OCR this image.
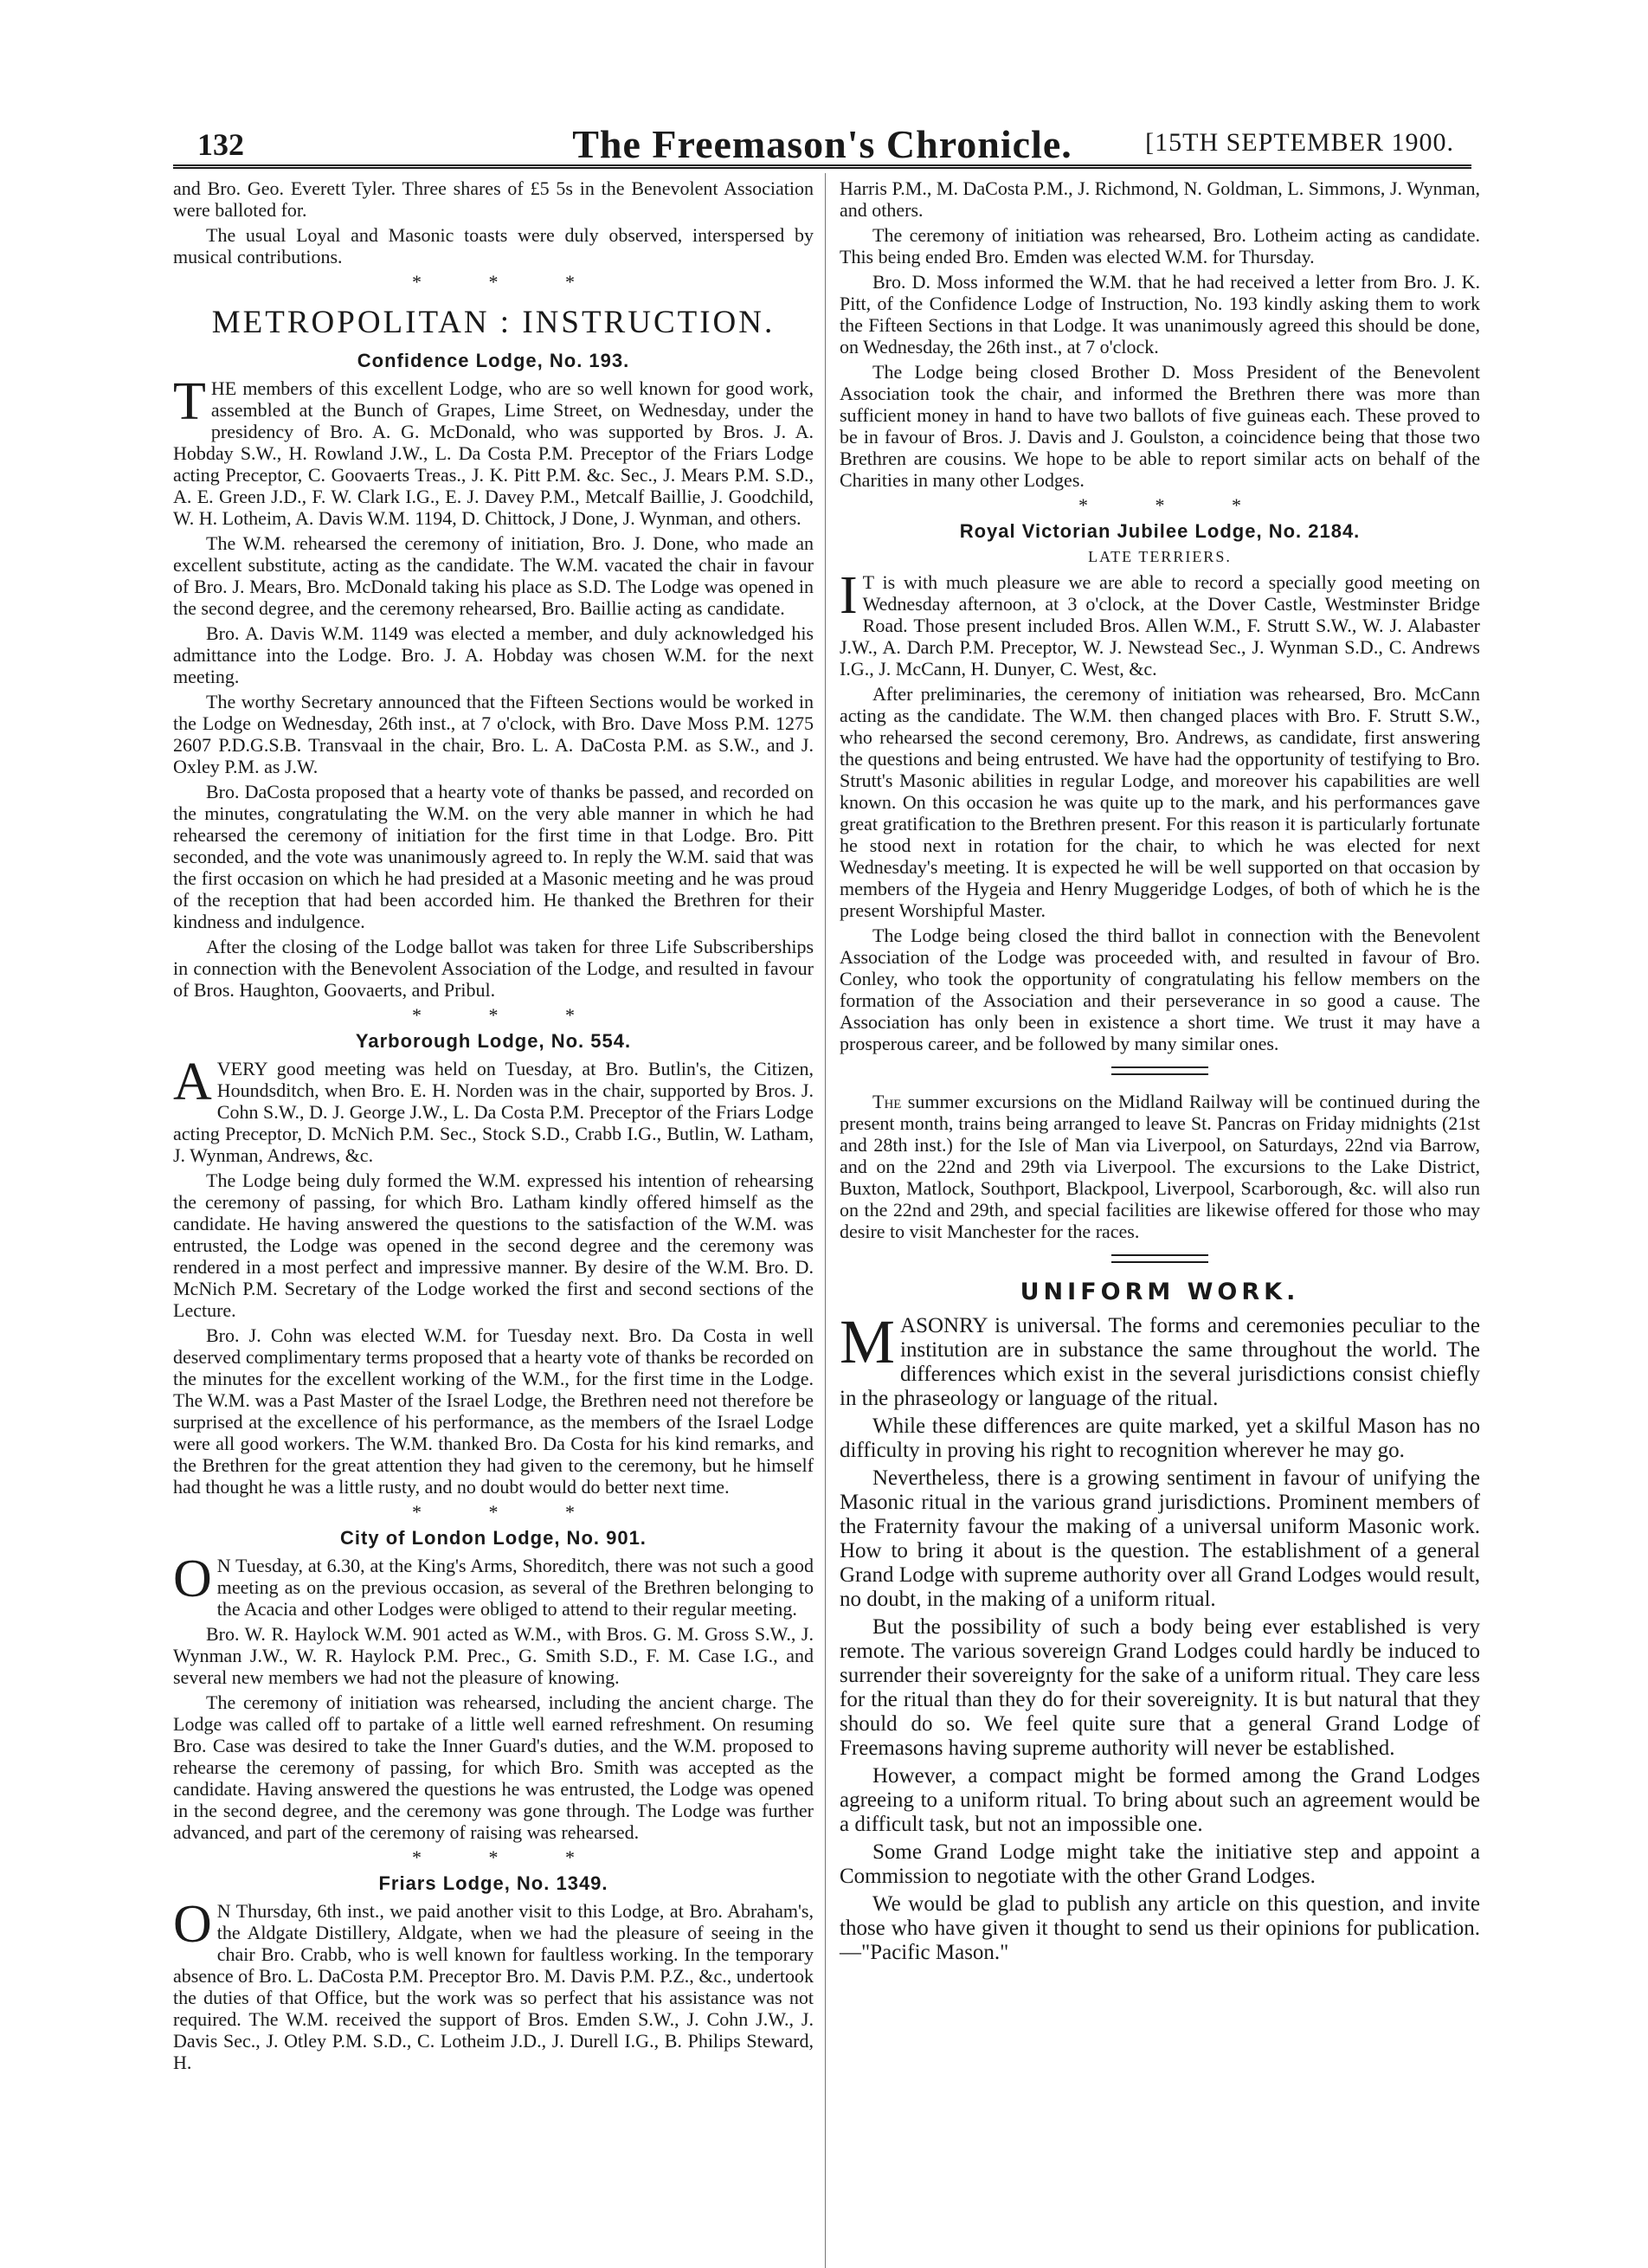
132	The Freemason's Chronicle.	[15TH SEPTEMBER 1900.

and Bro. Geo. Everett Tyler. Three shares of £5 5s in the Benevolent Association were balloted for.

The usual Loyal and Masonic toasts were duly observed, interspersed by musical contributions.

* * *
METROPOLITAN : INSTRUCTION.
Confidence Lodge, No. 193.

THE members of this excellent Lodge, who are so well known for good work, assembled at the Bunch of Grapes, Lime Street, on Wednesday, under the presidency of Bro. A. G. McDonald, who was supported by Bros. J. A. Hobday S.W., H. Rowland J.W., L. Da Costa P.M. Preceptor of the Friars Lodge acting Preceptor, C. Goovaerts Treas., J. K. Pitt P.M. &c. Sec., J. Mears P.M. S.D., A. E. Green J.D., F. W. Clark I.G., E. J. Davey P.M., Metcalf Baillie, J. Goodchild, W. H. Lotheim, A. Davis W.M. 1194, D. Chittock, J Done, J. Wynman, and others.

The W.M. rehearsed the ceremony of initiation, Bro. J. Done, who made an excellent substitute, acting as the candidate. The W.M. vacated the chair in favour of Bro. J. Mears, Bro. McDonald taking his place as S.D. The Lodge was opened in the second degree, and the ceremony rehearsed, Bro. Baillie acting as candidate.

Bro. A. Davis W.M. 1149 was elected a member, and duly acknowledged his admittance into the Lodge. Bro. J. A. Hobday was chosen W.M. for the next meeting.

The worthy Secretary announced that the Fifteen Sections would be worked in the Lodge on Wednesday, 26th inst., at 7 o'clock, with Bro. Dave Moss P.M. 1275 2607 P.D.G.S.B. Transvaal in the chair, Bro. L. A. DaCosta P.M. as S.W., and J. Oxley P.M. as J.W.

Bro. DaCosta proposed that a hearty vote of thanks be passed, and recorded on the minutes, congratulating the W.M. on the very able manner in which he had rehearsed the ceremony of initiation for the first time in that Lodge. Bro. Pitt seconded, and the vote was unanimously agreed to. In reply the W.M. said that was the first occasion on which he had presided at a Masonic meeting and he was proud of the reception that had been accorded him. He thanked the Brethren for their kindness and indulgence.

After the closing of the Lodge ballot was taken for three Life Subscriberships in connection with the Benevolent Association of the Lodge, and resulted in favour of Bros. Haughton, Goovaerts, and Pribul.

* * *
Yarborough Lodge, No. 554.

AVERY good meeting was held on Tuesday, at Bro. Butlin's, the Citizen, Houndsditch, when Bro. E. H. Norden was in the chair, supported by Bros. J. Cohn S.W., D. J. George J.W., L. Da Costa P.M. Preceptor of the Friars Lodge acting Preceptor, D. McNich P.M. Sec., Stock S.D., Crabb I.G., Butlin, W. Latham, J. Wynman, Andrews, &c.

The Lodge being duly formed the W.M. expressed his intention of rehearsing the ceremony of passing, for which Bro. Latham kindly offered himself as the candidate. He having answered the questions to the satisfaction of the W.M. was entrusted, the Lodge was opened in the second degree and the ceremony was rendered in a most perfect and impressive manner. By desire of the W.M. Bro. D. McNich P.M. Secretary of the Lodge worked the first and second sections of the Lecture.

Bro. J. Cohn was elected W.M. for Tuesday next. Bro. Da Costa in well deserved complimentary terms proposed that a hearty vote of thanks be recorded on the minutes for the excellent working of the W.M., for the first time in the Lodge. The W.M. was a Past Master of the Israel Lodge, the Brethren need not therefore be surprised at the excellence of his performance, as the members of the Israel Lodge were all good workers. The W.M. thanked Bro. Da Costa for his kind remarks, and the Brethren for the great attention they had given to the ceremony, but he himself had thought he was a little rusty, and no doubt would do better next time.

* * *
City of London Lodge, No. 901.

O N Tuesday, at 6.30, at the King's Arms, Shoreditch, there was not such a good meeting as on the previous occasion, as several of the Brethren belonging to the Acacia and other Lodges were obliged to attend to their regular meeting.

Bro. W. R. Haylock W.M. 901 acted as W.M., with Bros. G. M. Gross S.W., J. Wynman J.W., W. R. Haylock P.M. Prec., G. Smith S.D., F. M. Case I.G., and several new members we had not the pleasure of knowing.

The ceremony of initiation was rehearsed, including the ancient charge. The Lodge was called off to partake of a little well earned refreshment. On resuming Bro. Case was desired to take the Inner Guard's duties, and the W.M. proposed to rehearse the ceremony of passing, for which Bro. Smith was accepted as the candidate. Having answered the questions he was entrusted, the Lodge was opened in the second degree, and the ceremony was gone through. The Lodge was further advanced, and part of the ceremony of raising was rehearsed.

* * *
Friars Lodge, No. 1349.

O N Thursday, 6th inst., we paid another visit to this Lodge, at Bro. Abraham's, the Aldgate Distillery, Aldgate, when we had the pleasure of seeing in the chair Bro. Crabb, who is well known for faultless working. In the temporary absence of Bro. L. DaCosta P.M. Preceptor Bro. M. Davis P.M. P.Z., &c., undertook the duties of that Office, but the work was so perfect that his assistance was not required. The W.M. received the support of Bros. Emden S.W., J. Cohn J.W., J. Davis Sec., J. Otley P.M. S.D., C. Lotheim J.D., J. Durell I.G., B. Philips Steward, H.

Harris P.M., M. DaCosta P.M., J. Richmond, N. Goldman, L. Simmons, J. Wynman, and others.

The ceremony of initiation was rehearsed, Bro. Lotheim acting as candidate. This being ended Bro. Emden was elected W.M. for Thursday.

Bro. D. Moss informed the W.M. that he had received a letter from Bro. J. K. Pitt, of the Confidence Lodge of Instruction, No. 193 kindly asking them to work the Fifteen Sections in that Lodge. It was unanimously agreed this should be done, on Wednesday, the 26th inst., at 7 o'clock.

The Lodge being closed Brother D. Moss President of the Benevolent Association took the chair, and informed the Brethren there was more than sufficient money in hand to have two ballots of five guineas each. These proved to be in favour of Bros. J. Davis and J. Goulston, a coincidence being that those two Brethren are cousins. We hope to be able to report similar acts on behalf of the Charities in many other Lodges.

* * *
Royal Victorian Jubilee Lodge, No. 2184.
LATE TERRIERS.

I T is with much pleasure we are able to record a specially good meeting on Wednesday afternoon, at 3 o'clock, at the Dover Castle, Westminster Bridge Road. Those present included Bros. Allen W.M., F. Strutt S.W., W. J. Alabaster J.W., A. Darch P.M. Preceptor, W. J. Newstead Sec., J. Wynman S.D., C. Andrews I.G., J. McCann, H. Dunyer, C. West, &c.

After preliminaries, the ceremony of initiation was rehearsed, Bro. McCann acting as the candidate. The W.M. then changed places with Bro. F. Strutt S.W., who rehearsed the second ceremony, Bro. Andrews, as candidate, first answering the questions and being entrusted. We have had the opportunity of testifying to Bro. Strutt's Masonic abilities in regular Lodge, and moreover his capabilities are well known. On this occasion he was quite up to the mark, and his performances gave great gratification to the Brethren present. For this reason it is particularly fortunate he stood next in rotation for the chair, to which he was elected for next Wednesday's meeting. It is expected he will be well supported on that occasion by members of the Hygeia and Henry Muggeridge Lodges, of both of which he is the present Worshipful Master.

The Lodge being closed the third ballot in connection with the Benevolent Association of the Lodge was proceeded with, and resulted in favour of Bro. Conley, who took the opportunity of congratulating his fellow members on the formation of the Association and their perseverance in so good a cause. The Association has only been in existence a short time. We trust it may have a prosperous career, and be followed by many similar ones.

The summer excursions on the Midland Railway will be continued during the present month, trains being arranged to leave St. Pancras on Friday midnights (21st and 28th inst.) for the Isle of Man via Liverpool, on Saturdays, 22nd via Barrow, and on the 22nd and 29th via Liverpool. The excursions to the Lake District, Buxton, Matlock, Southport, Blackpool, Liverpool, Scarborough, &c. will also run on the 22nd and 29th, and special facilities are likewise offered for those who may desire to visit Manchester for the races.

UNIFORM WORK.

MASONRY is universal. The forms and ceremonies peculiar to the institution are in substance the same throughout the world. The differences which exist in the several jurisdictions consist chiefly in the phraseology or language of the ritual.

While these differences are quite marked, yet a skilful Mason has no difficulty in proving his right to recognition wherever he may go.

Nevertheless, there is a growing sentiment in favour of unifying the Masonic ritual in the various grand jurisdictions. Prominent members of the Fraternity favour the making of a universal uniform Masonic work. How to bring it about is the question. The establishment of a general Grand Lodge with supreme authority over all Grand Lodges would result, no doubt, in the making of a uniform ritual.

But the possibility of such a body being ever established is very remote. The various sovereign Grand Lodges could hardly be induced to surrender their sovereignty for the sake of a uniform ritual. They care less for the ritual than they do for their sovereignity. It is but natural that they should do so. We feel quite sure that a general Grand Lodge of Freemasons having supreme authority will never be established.

However, a compact might be formed among the Grand Lodges agreeing to a uniform ritual. To bring about such an agreement would be a difficult task, but not an impossible one.

Some Grand Lodge might take the initiative step and appoint a Commission to negotiate with the other Grand Lodges.

We would be glad to publish any article on this question, and invite those who have given it thought to send us their opinions for publication.—"Pacific Mason."
